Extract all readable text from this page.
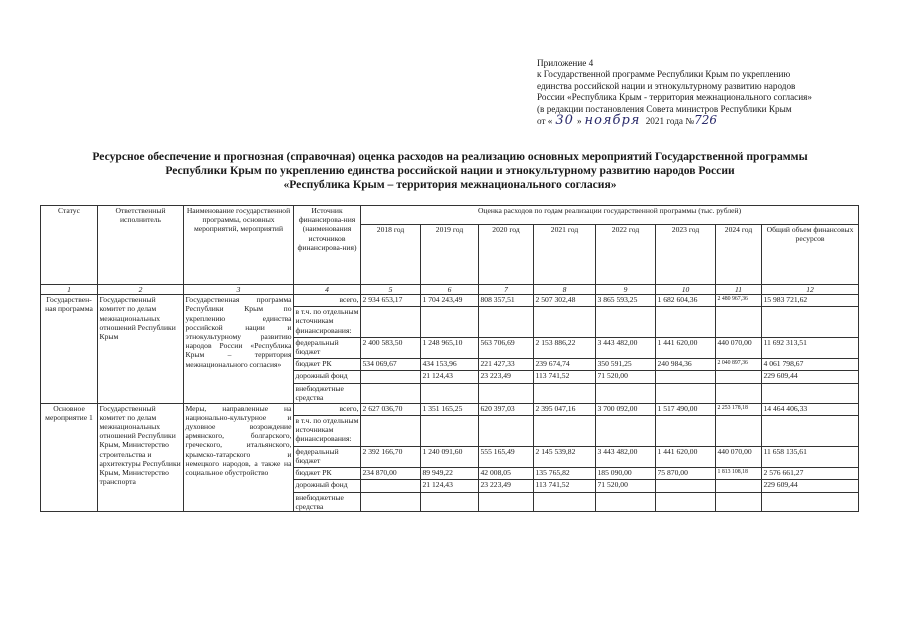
Приложение 4
к Государственной программе Республики Крым по укреплению
единства российской нации и этнокультурному развитию народов
России «Республика Крым - территория межнационального согласия»
(в редакции постановления Совета министров Республики Крым
от « 30 » ноября 2021 года №726
Ресурсное обеспечение и прогнозная (справочная) оценка расходов на реализацию основных мероприятий Государственной программы
Республики Крым по укреплению единства российской нации и этнокультурному развитию народов России
«Республика Крым – территория межнационального согласия»
Статус	Ответственный исполнитель	Наименование государственной программы, основных мероприятий, мероприятий	Источник финансирова-ния (наименования источников финансирова-ния)	Оценка расходов по годам реализации государственной программы (тыс. рублей)							
				2018 год	2019 год	2020 год	2021 год	2022 год	2023 год	2024 год	Общий объем финансовых ресурсов
1	2	3	4	5	6	7	8	9	10	11	12
Государствен-ная программа	Государственный комитет по делам межнациональных отношений Республики Крым	Государственная программа Республики Крым по укреплению единства российской нации и этнокультурному развитию народов России «Республика Крым – территория межнационального согласия»	всего,	2 934 653,17	1 704 243,49	808 357,51	2 507 302,48	3 865 593,25	1 682 604,36	2 480 967,36	15 983 721,62
			в т.ч. по отдельным источникам финансирования:								
			федеральный бюджет	2 400 583,50	1 248 965,10	563 706,69	2 153 886,22	3 443 482,00	1 441 620,00	440 070,00	11 692 313,51
			бюджет РК	534 069,67	434 153,96	221 427,33	239 674,74	350 591,25	240 984,36	2 040 897,36	4 061 798,67
			дорожный фонд		21 124,43	23 223,49	113 741,52	71 520,00			229 609,44
			внебюджетные средства								
Основное мероприятие 1	Государственный комитет по делам межнациональных отношений Республики Крым, Министерство строительства и архитектуры Республики Крым, Министерство транспорта	Меры, направленные на национально-культурное и духовное возрождение армянского, болгарского, греческого, итальянского, крымско-татарского и немецкого народов, а также на социальное обустройство	всего,	2 627 036,70	1 351 165,25	620 397,03	2 395 047,16	3 700 092,00	1 517 490,00	2 253 178,18	14 464 406,33
			в т.ч. по отдельным источникам финансирования:								
			федеральный бюджет	2 392 166,70	1 240 091,60	555 165,49	2 145 539,82	3 443 482,00	1 441 620,00	440 070,00	11 658 135,61
			бюджет РК	234 870,00	89 949,22	42 008,05	135 765,82	185 090,00	75 870,00	1 813 108,18	2 576 661,27
			дорожный фонд		21 124,43	23 223,49	113 741,52	71 520,00			229 609,44
			внебюджетные средства								
